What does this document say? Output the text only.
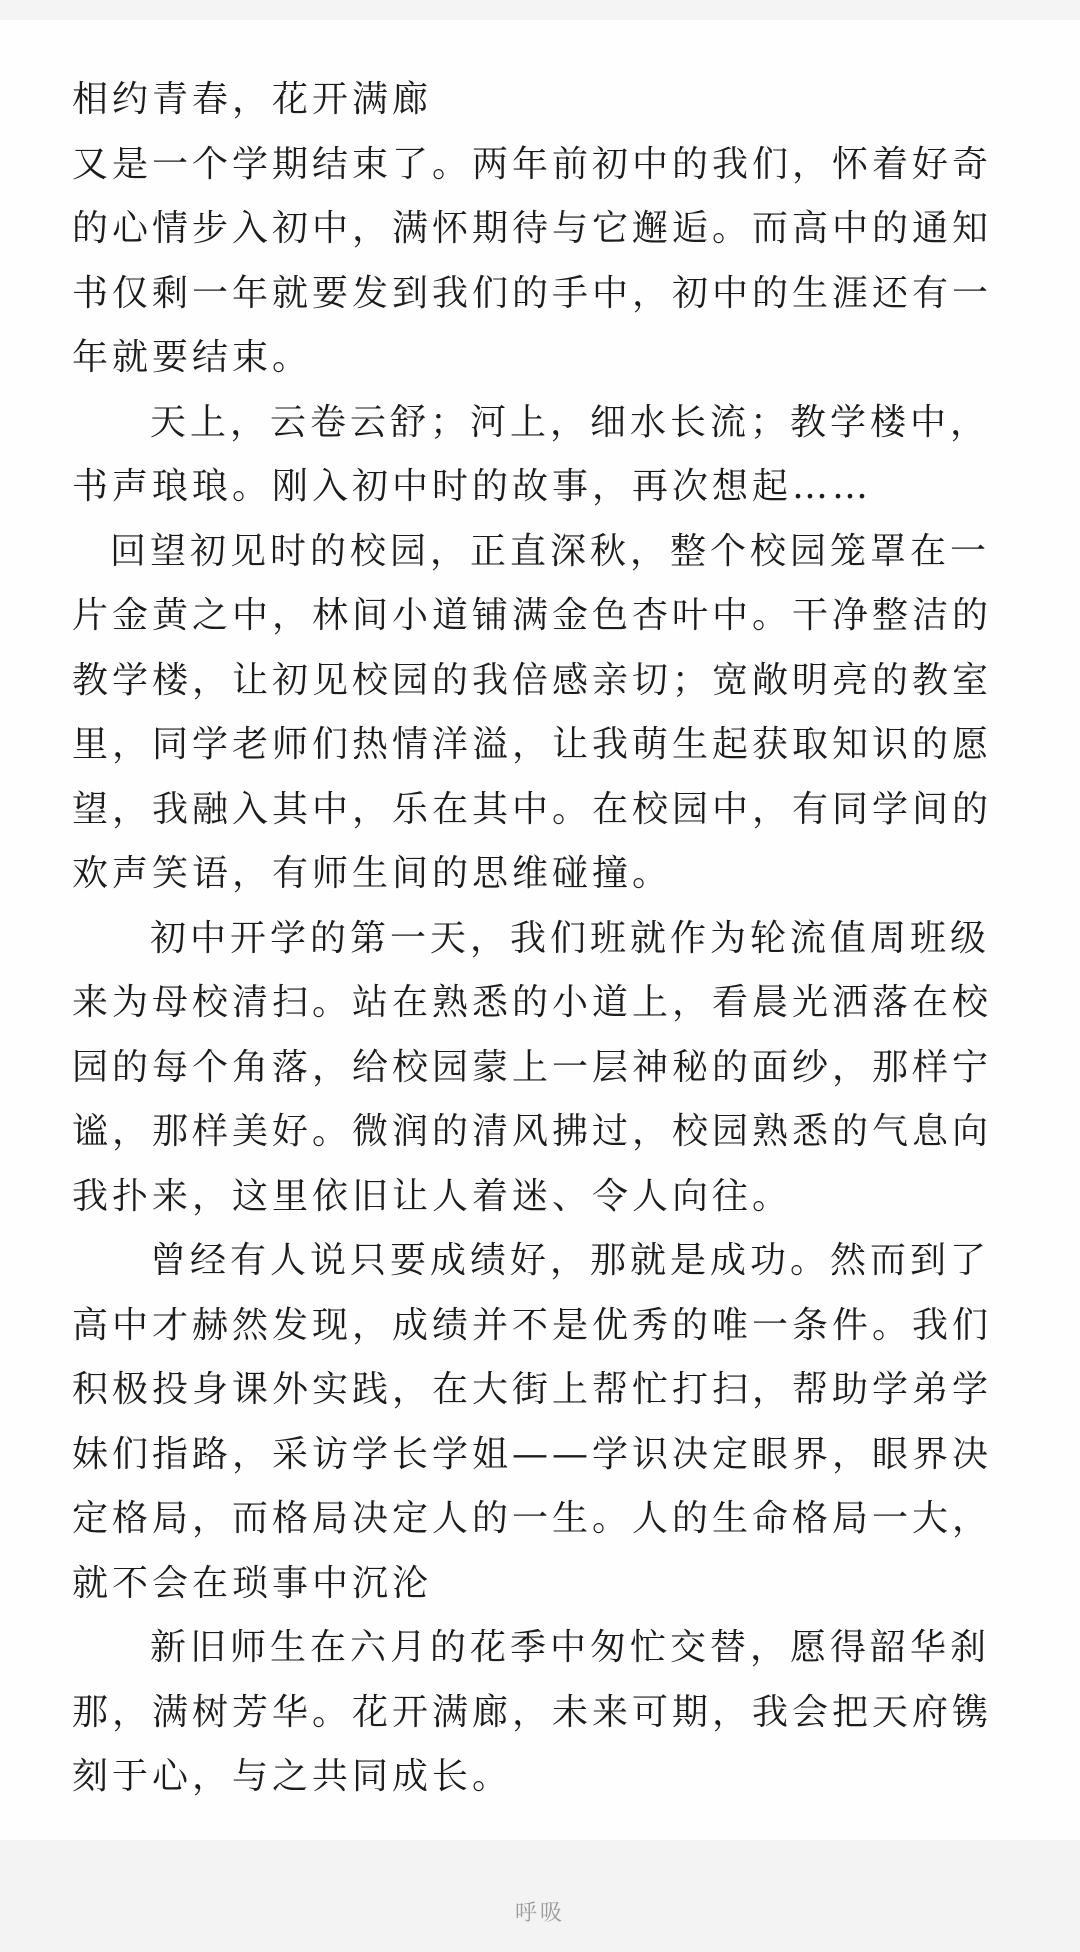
相约青春，花开满廊
又是一个学期结束了。两年前初中的我们，怀着好奇
的心情步入初中，满怀期待与它邂逅。而高中的通知
书仅剩一年就要发到我们的手中，初中的生涯还有一
年就要结束。
天上，云卷云舒；河上，细水长流；教学楼中，
书声琅琅。刚入初中时的故事，再次想起……
回望初见时的校园，正直深秋，整个校园笼罩在一
片金黄之中，林间小道铺满金色杏叶中。干净整洁的
教学楼，让初见校园的我倍感亲切；宽敞明亮的教室
里，同学老师们热情洋溢，让我萌生起获取知识的愿
望，我融入其中，乐在其中。在校园中，有同学间的
欢声笑语，有师生间的思维碰撞。
初中开学的第一天，我们班就作为轮流值周班级
来为母校清扫。站在熟悉的小道上，看晨光洒落在校
园的每个角落，给校园蒙上一层神秘的面纱，那样宁
谧，那样美好。微润的清风拂过，校园熟悉的气息向
我扑来，这里依旧让人着迷、令人向往。
曾经有人说只要成绩好，那就是成功。然而到了
高中才赫然发现，成绩并不是优秀的唯一条件。我们
积极投身课外实践，在大街上帮忙打扫，帮助学弟学
妹们指路，采访学长学姐——学识决定眼界，眼界决
定格局，而格局决定人的一生。人的生命格局一大，
就不会在琐事中沉沦
新旧师生在六月的花季中匆忙交替，愿得韶华刹
那，满树芳华。花开满廊，未来可期，我会把天府镌
刻于心，与之共同成长。
呼吸
